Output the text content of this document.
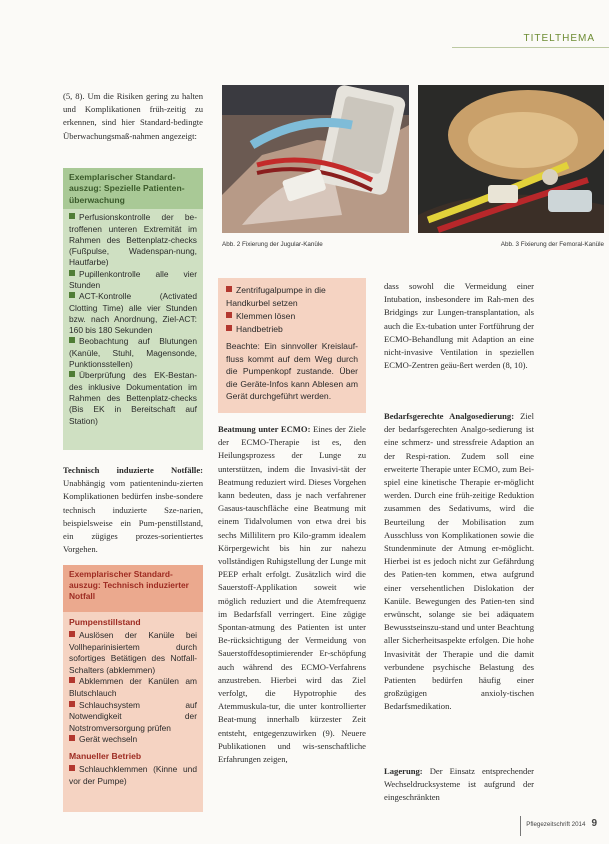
TITELTHEMA
(5, 8). Um die Risiken gering zu halten und Komplikationen früh-zeitig zu erkennen, sind hier Standard-bedingte Überwachungsmaß-nahmen angezeigt:
Exemplarischer Standard-auszug: Spezielle Patienten-überwachung
Perfusionskontrolle der be-troffenen unteren Extremität im Rahmen des Bettenplatz-checks (Fußpulse, Wadenspan-nung, Hautfarbe)
Pupillenkontrolle alle vier Stunden
ACT-Kontrolle (Activated Clotting Time) alle vier Stunden bzw. nach Anordnung, Ziel-ACT: 160 bis 180 Sekunden
Beobachtung auf Blutungen (Kanüle, Stuhl, Magensonde, Punktionsstellen)
Überprüfung des EK-Bestan-des inklusive Dokumentation im Rahmen des Bettenplatz-checks (Bis EK in Bereitschaft auf Station)
Technisch induzierte Notfälle: Unabhängig vom patientenindu-zierten Komplikationen bedürfen insbe-sondere technisch induzierte Sze-narien, beispielsweise ein Pum-penstillstand, ein zügiges prozes-sorientiertes Vorgehen.
Exemplarischer Standard-auszug: Technisch induzierter Notfall
Pumpenstillstand
Auslösen der Kanüle bei Vollheparinisiertem durch sofortiges Betätigen des Notfall-Schalters (abklemmen)
Abklemmen der Kanülen am Blutschlauch
Schlauchsystem auf Notwendigkeit der Notstromversorgung prüfen
Gerät wechseln
Manueller Betrieb
Schlauchklemmen (Kinne und vor der Pumpe)
Abb. 2 Fixierung der Jugular-Kanüle	Abb. 3 Fixierung der Femoral-Kanüle
Zentrifugalpumpe in die Handkurbel setzen
Klemmen lösen
Handbetrieb

Beachte: Ein sinnvoller Kreislauf-fluss kommt auf dem Weg durch die Pumpenkopf zustande. Über die Geräte-Infos kann Ablesen am Gerät durchgeführt werden.

Beatmung unter ECMO: Eines der Ziele der ECMO-Therapie ist es, den Heilungsprozess der Lunge zu unterstützen, indem die Invasivi-tät der Beatmung reduziert wird. Dieses Vorgehen kann bedeuten, dass je nach verfahrener Gasaus-tauschfläche eine Beatmung mit einem Tidalvolumen von etwa drei bis sechs Millilitern pro Kilo-gramm idealem Körpergewicht bis hin zur nahezu vollständigen Ruhigstellung der Lunge mit PEEP erhalt erfolgt. Zusätzlich wird die Sauerstoff-Applikation soweit wie möglich reduziert und die Atemfrequenz im Bedarfsfall verringert. Eine zügige Spontan-atmung des Patienten ist unter Be-rücksichtigung der Vermeidung von Sauerstoffdesoptimierender Er-schöpfung auch während des ECMO-Verfahrens anzustreben. Hierbei wird das Ziel verfolgt, die Hypotrophie des Atemmuskula-tur, die unter kontrollierter Beat-mung innerhalb kürzester Zeit entsteht, entgegenzuwirken (9). Neuere Publikationen und wis-senschaftliche Erfahrungen zeigen,
dass sowohl die Vermeidung einer Intubation, insbesondere im Rah-men des Bridgings zur Lungen-transplantation, als auch die Ex-tubation unter Fortführung der ECMO-Behandlung mit Adaption an eine nicht-invasive Ventilation in speziellen ECMO-Zentren geäu-ßert werden (8, 10).
Bedarfsgerechte Analgosedierung: Ziel der bedarfsgerechten Analgo-sedierung ist eine schmerz- und stressfreie Adaption an der Respi-ration. Zudem soll eine erweiterte Therapie unter ECMO, zum Bei-spiel eine kinetische Therapie er-möglicht werden. Durch eine früh-zeitige Reduktion zusammen des Sedativums, wird die Beurteilung der Mobilisation zum Ausschluss von Komplikationen sowie die Stundenminute der Atmung er-möglicht. Hierbei ist es jedoch nicht zur Gefährdung des Patien-ten kommen, etwa aufgrund einer versehentlichen Dislokation der Kanüle. Bewegungen des Patien-ten sind erwünscht, solange sie bei adäquatem Bewusstseinszu-stand und unter Beachtung aller Sicherheitsaspekte erfolgen. Die hohe Invasivität der Therapie und die damit verbundene psychische Belastung des Patienten bedürfen häufig einer großzügigen anxioly-tischen Bedarfsmedikation.
Lagerung: Der Einsatz entsprechender Wechseldrucksysteme ist aufgrund der eingeschränkten
Pflegezeitschrift 2014 9
